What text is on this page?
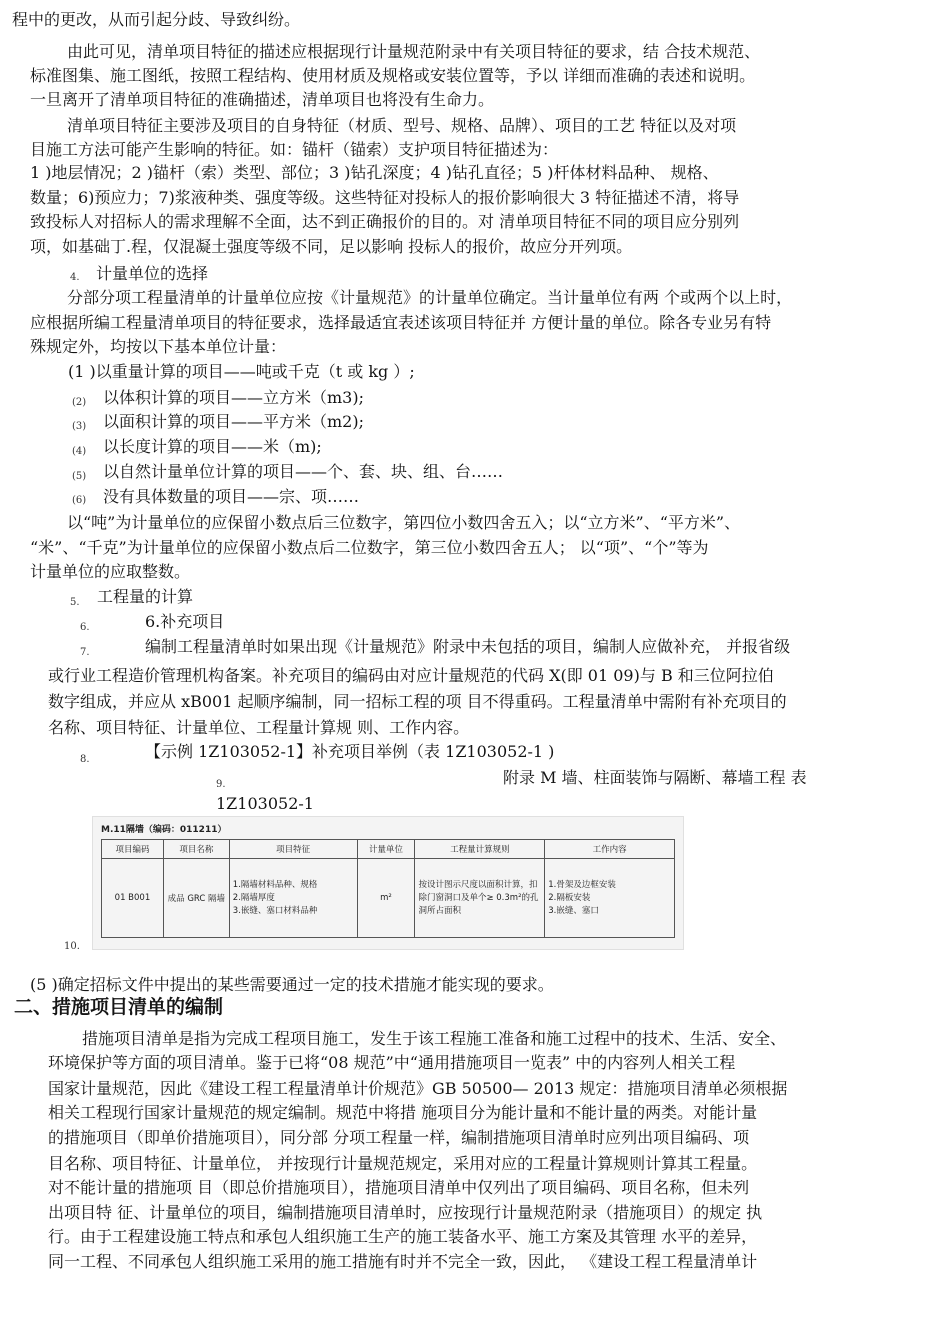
程中的更改，从而引起分歧、导致纠纷。
由此可见，清单项目特征的描述应根据现行计量规范附录中有关项目特征的要求，结 合技术规范、
标准图集、施工图纸，按照工程结构、使用材质及规格或安装位置等，予以 详细而准确的表述和说明。
一旦离开了清单项目特征的准确描述，清单项目也将没有生命力。
清单项目特征主要涉及项目的自身特征（材质、型号、规格、品牌）、项目的工艺 特征以及对项
目施工方法可能产生影响的特征。如：锚杆（锚索）支护项目特征描述为：
1 )地层情况；2 )锚杆（索）类型、部位；3 )钻孔深度；4 )钻孔直径；5 )杆体材料品种、 规格、
数量；6)预应力；7)浆液种类、强度等级。这些特征对投标人的报价影响很大 3 特征描述不清，将导
致投标人对招标人的需求理解不全面，达不到正确报价的目的。对 清单项目特征不同的项目应分别列
项，如基础丁.程，仅混凝土强度等级不同，足以影响 投标人的报价，故应分开列项。
4. 计量单位的选择
分部分项工程量清单的计量单位应按《计量规范》的计量单位确定。当计量单位有两 个或两个以上时，
应根据所编工程量清单项目的特征要求，选择最适宜表述该项目特征并 方便计量的单位。除各专业另有特
殊规定外，均按以下基本单位计量：
(1 )以重量计算的项目——吨或千克（t 或 kg ）;
(2) 以体积计算的项目——立方米（m3);
(3) 以面积计算的项目——平方米（m2);
(4) 以长度计算的项目——米（m);
(5) 以自然计量单位计算的项目——个、套、块、组、台……
(6) 没有具体数量的项目——宗、项……
以“吨”为计量单位的应保留小数点后三位数字，第四位小数四舍五入；以“立方米”、“平方米”、
“米”、“千克”为计量单位的应保留小数点后二位数字，第三位小数四舍五人； 以“项”、“个”等为
计量单位的应取整数。
5. 工程量的计算
6.	6.补充项目
7.	编制工程量清单时如果出现《计量规范》附录中未包括的项目，编制人应做补充， 并报省级
或行业工程造价管理机构备案。补充项目的编码由对应计量规范的代码 X(即 01 09)与 B 和三位阿拉伯
数字组成，并应从 xB001 起顺序编制，同一招标工程的项 目不得重码。工程量清单中需附有补充项目的
名称、项目特征、计量单位、工程量计算规 则、工作内容。
8.	【示例 1Z103052-1】补充项目举例（表 1Z103052-1 )
附录 M 墙、柱面装饰与隔断、幕墙工程 表
9.
1Z103052-1
M.11隔墙（编码：011211）
项目编码	项目名称	项目特征	计量单位	工程量计算规则	工作内容
01 B001	成品 GRC 隔墙	1.隔墙材料品种、规格
2.隔墙厚度
3.嵌缝、塞口材料品种	m²	按设计图示尺度以面积计算，扣除门窗洞口及单个≥ 0.3m²的孔洞所占面积	1.骨架及边框安装
2.隔板安装
3.嵌缝、塞口
10.
(5 )确定招标文件中提出的某些需要通过一定的技术措施才能实现的要求。
二、措施项目清单的编制
措施项目清单是指为完成工程项目施工，发生于该工程施工准备和施工过程中的技术、生活、安全、
环境保护等方面的项目清单。鉴于已将“08 规范”中“通用措施项目一览表” 中的内容列人相关工程
国家计量规范，因此《建设工程工程量清单计价规范》GB 50500— 2013 规定：措施项目清单必须根据
相关工程现行国家计量规范的规定编制。规范中将措 施项目分为能计量和不能计量的两类。对能计量
的措施项目（即单价措施项目），同分部 分项工程量一样，编制措施项目清单时应列出项目编码、项
目名称、项目特征、计量单位， 并按现行计量规范规定，采用对应的工程量计算规则计算其工程量。
对不能计量的措施项 目（即总价措施项目），措施项目清单中仅列出了项目编码、项目名称，但未列
出项目特 征、计量单位的项目，编制措施项目清单时，应按现行计量规范附录（措施项目）的规定 执
行。由于工程建设施工特点和承包人组织施工生产的施工装备水平、施工方案及其管理 水平的差异，
同一工程、不同承包人组织施工采用的施工措施有时并不完全一致，因此， 《建设工程工程量清单计
